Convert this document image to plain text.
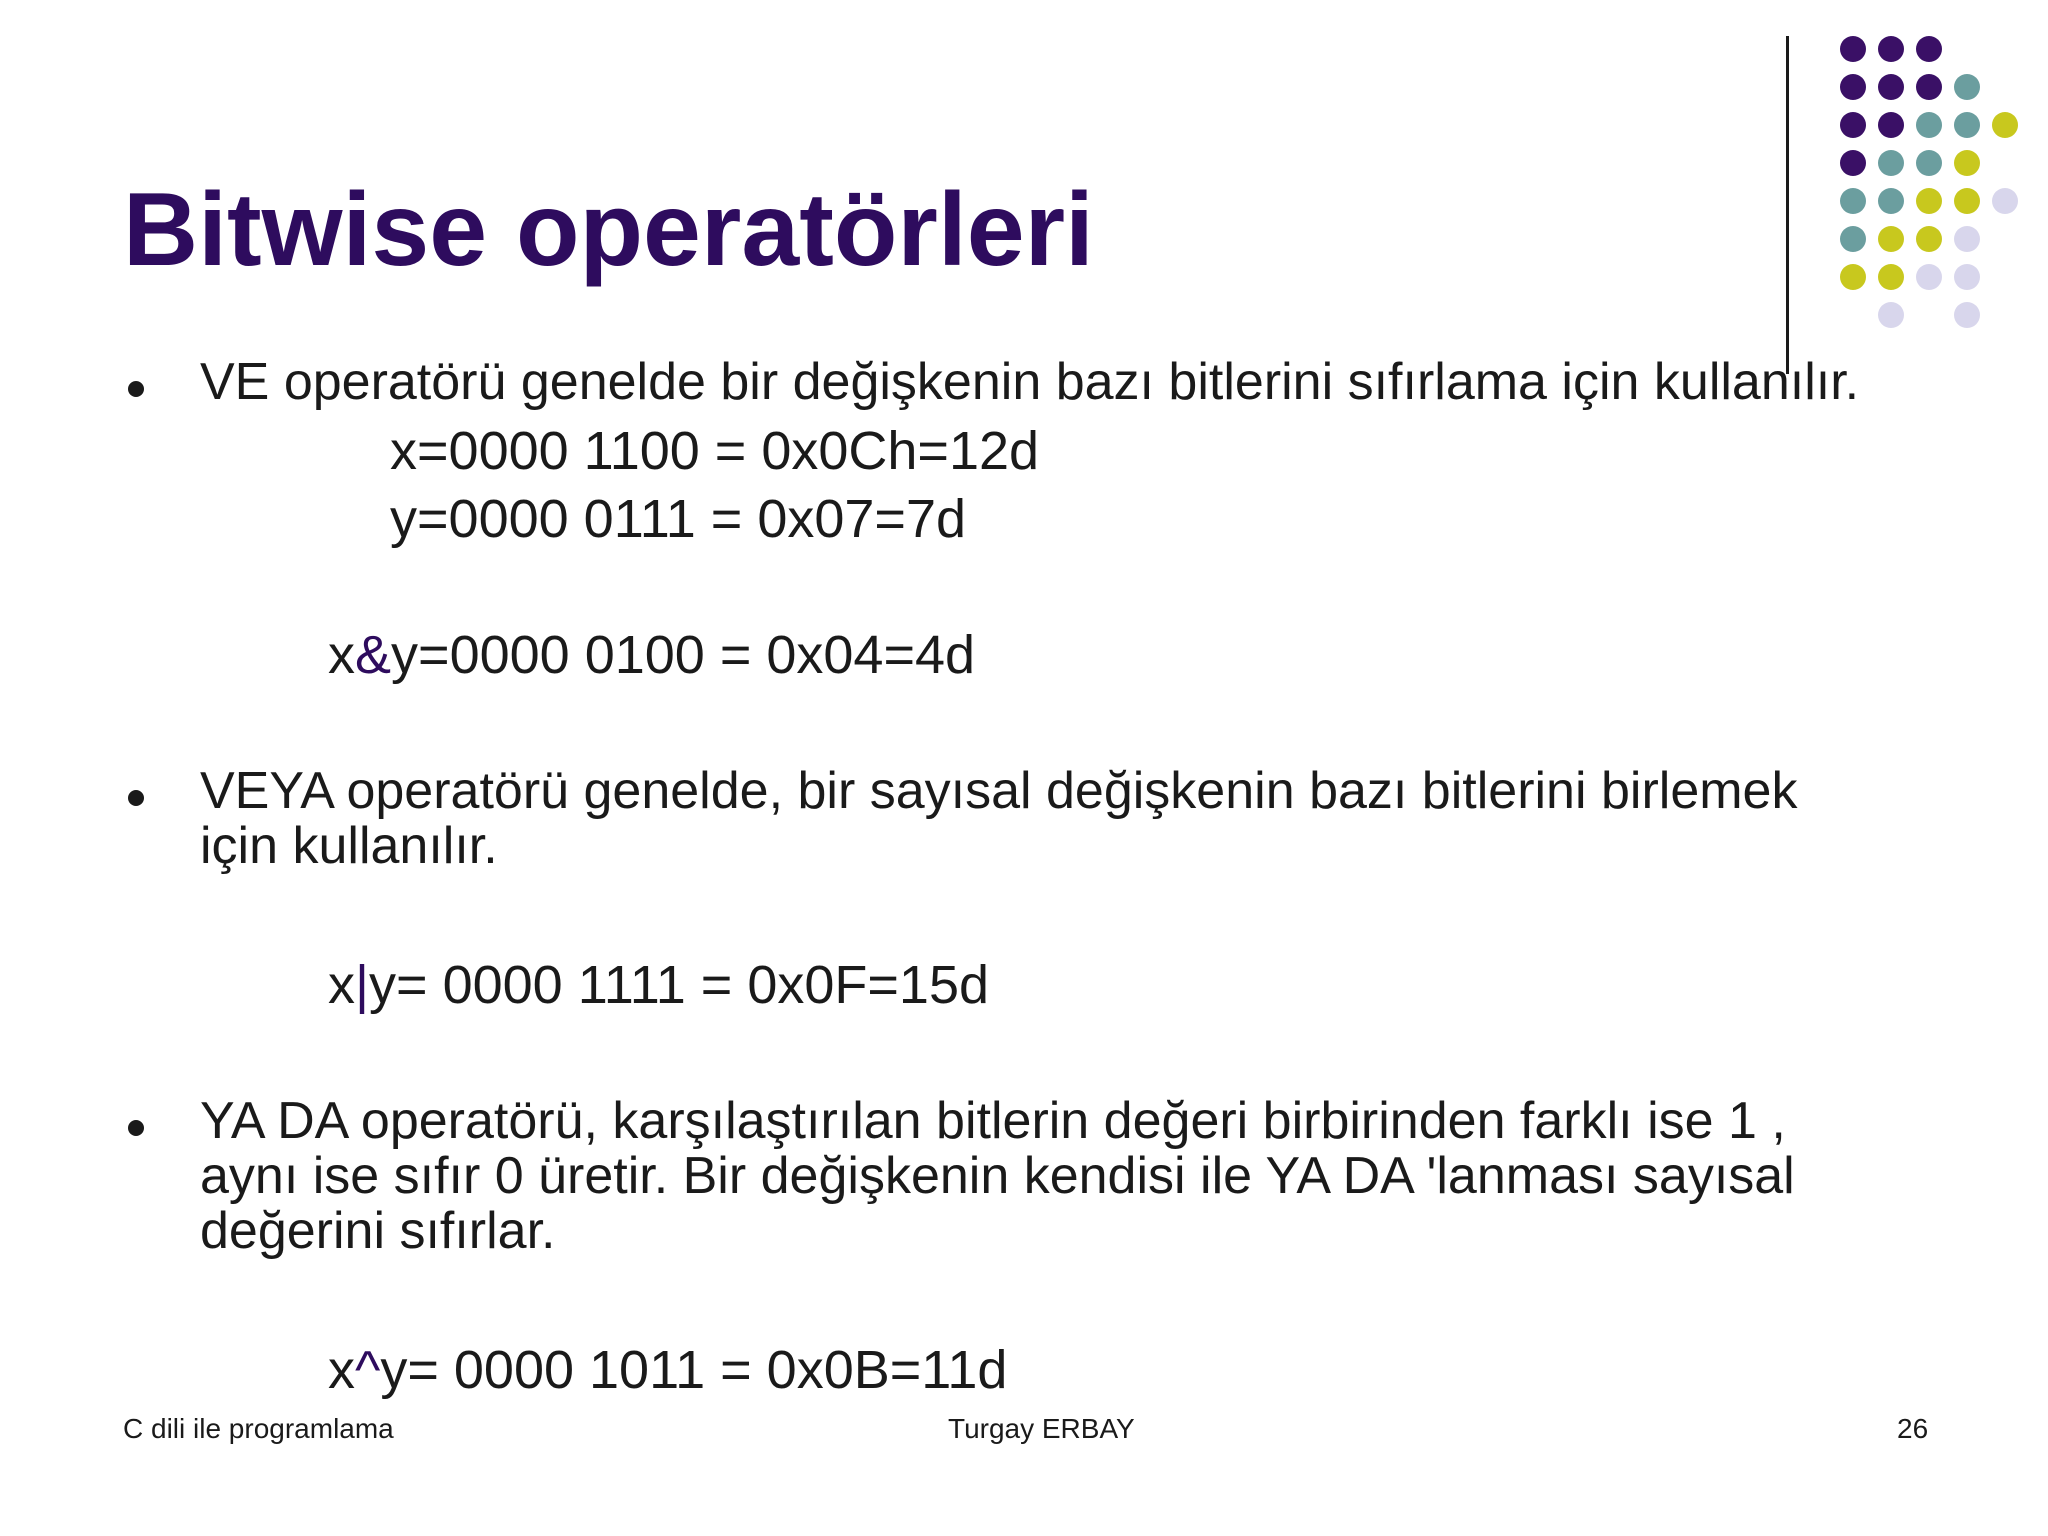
Bitwise operatörleri
VE operatörü genelde bir değişkenin bazı bitlerini sıfırlama için kullanılır.
x=0000 1100 = 0x0Ch=12d
y=0000 0111 = 0x07=7d
x&y=0000 0100 = 0x04=4d
VEYA operatörü genelde, bir sayısal değişkenin bazı bitlerini birlemek
için kullanılır.
x|y= 0000 1111 = 0x0F=15d
YA DA operatörü, karşılaştırılan bitlerin değeri birbirinden farklı ise 1 ,
aynı ise sıfır 0 üretir. Bir değişkenin kendisi ile YA DA 'lanması sayısal
değerini sıfırlar.
x^y= 0000 1011 = 0x0B=11d
C dili ile programlama	Turgay ERBAY	26
